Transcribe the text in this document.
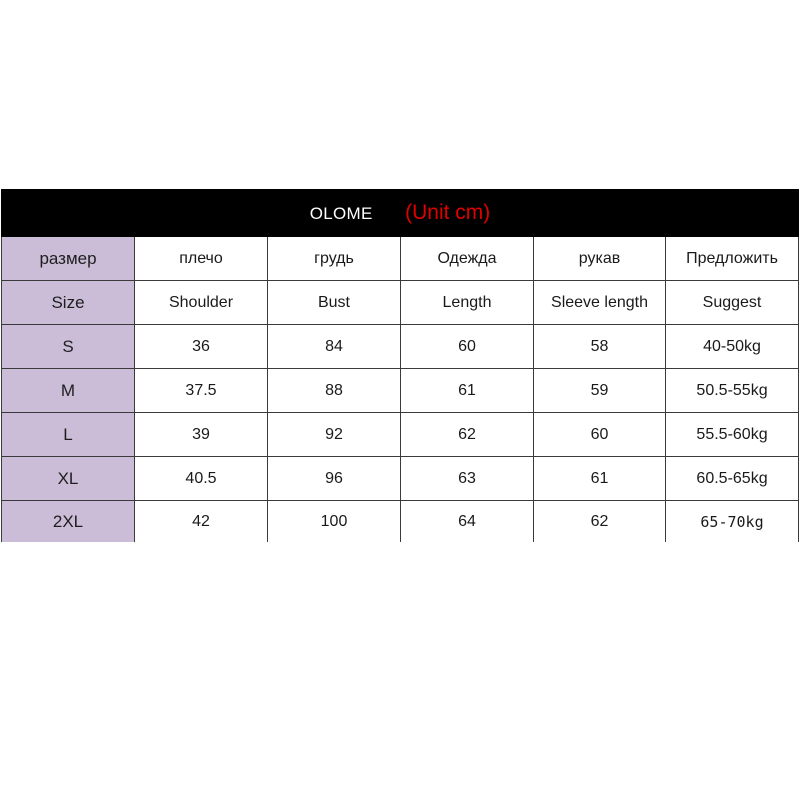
OLOME (Unit cm)					
размер	плечо	грудь	Одежда	рукав	Предложить
Size	Shoulder	Bust	Length	Sleeve length	Suggest
S	36	84	60	58	40-50kg
M	37.5	88	61	59	50.5-55kg
L	39	92	62	60	55.5-60kg
XL	40.5	96	63	61	60.5-65kg
2XL	42	100	64	62	65-70kg
